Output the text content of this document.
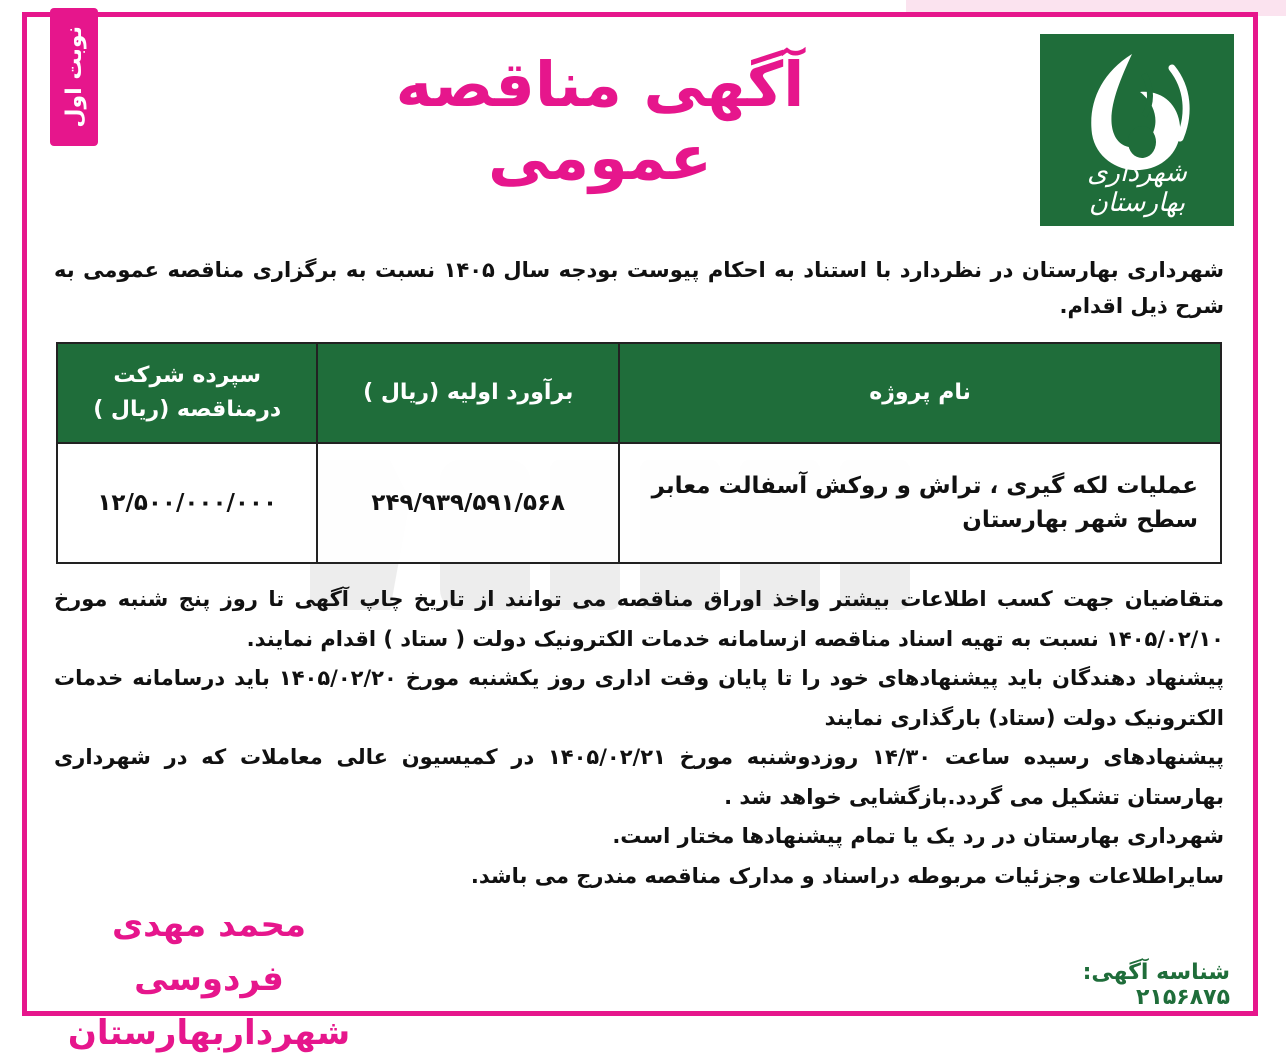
نوبت اول	آگهی مناقصه عمومی	شهرداری بهارستان
شهرداری بهارستان در نظردارد با استناد به احکام پیوست بودجه سال ۱۴۰۵ نسبت به برگزاری مناقصه عمومی به شرح ذیل اقدام.
نام پروژه	برآورد اولیه (ریال )	سپرده شرکت درمناقصه (ریال )
عملیات لکه گیری ، تراش و روکش آسفالت معابر سطح شهر بهارستان	۲۴۹/۹۳۹/۵۹۱/۵۶۸	۱۲/۵۰۰/۰۰۰/۰۰۰

متقاضیان جهت کسب اطلاعات بیشتر واخذ اوراق مناقصه می توانند از تاریخ چاپ آگهی تا روز پنج شنبه مورخ ۱۴۰۵/۰۲/۱۰ نسبت به تهیه اسناد مناقصه ازسامانه خدمات الکترونیک دولت ( ستاد ) اقدام نمایند.

پیشنهاد دهندگان باید پیشنهادهای خود را تا پایان وقت اداری روز یکشنبه مورخ ۱۴۰۵/۰۲/۲۰ باید درسامانه خدمات الکترونیک دولت (ستاد) بارگذاری نمایند

پیشنهادهای رسیده ساعت ۱۴/۳۰ روزدوشنبه مورخ ۱۴۰۵/۰۲/۲۱ در کمیسیون عالی معاملات که در شهرداری بهارستان تشکیل می گردد.بازگشایی خواهد شد .

شهرداری بهارستان در رد یک یا تمام پیشنهادها مختار است.

سایراطلاعات وجزئیات مربوطه دراسناد و مدارک مناقصه مندرج می باشد.

محمد مهدی فردوسی
شهرداربهارستان
شناسه آگهی: ۲۱۵۶۸۷۵
